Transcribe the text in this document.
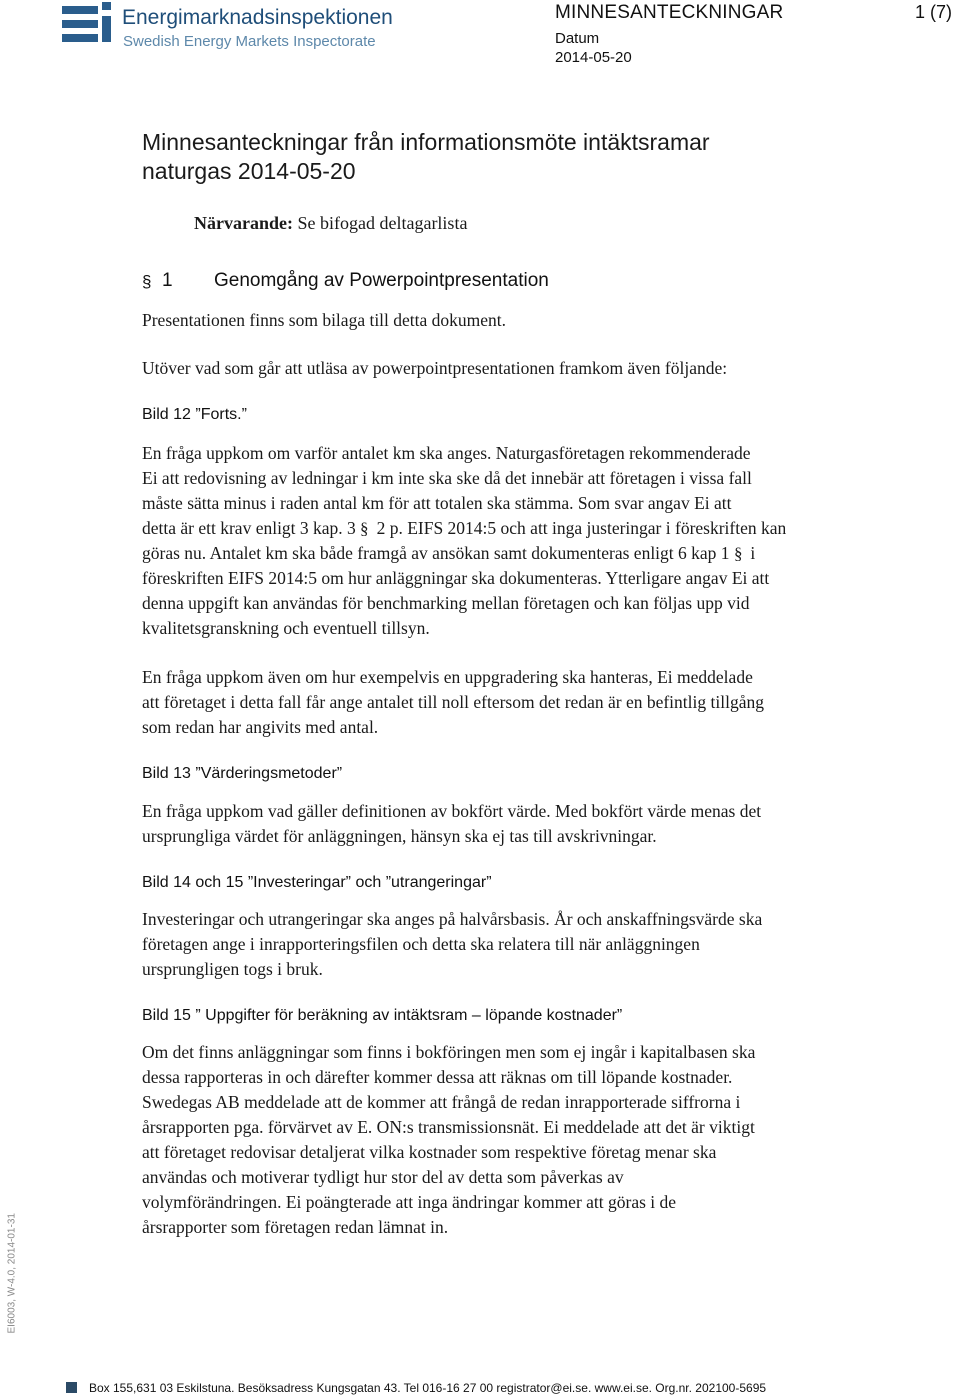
Energimarknadsinspektionen
Swedish Energy Markets Inspectorate
MINNESANTECKNINGAR	1 (7)
Datum
2014-05-20
Minnesanteckningar från informationsmöte intäktsramar
naturgas 2014-05-20
Närvarande: Se bifogad deltagarlista
§ 1 Genomgång av Powerpointpresentation

Presentationen finns som bilaga till detta dokument.

Utöver vad som går att utläsa av powerpointpresentationen framkom även följande:

Bild 12 ”Forts.”

En fråga uppkom om varför antalet km ska anges. Naturgasföretagen rekommenderade

Ei att redovisning av ledningar i km inte ska ske då det innebär att företagen i vissa fall

måste sätta minus i raden antal km för att totalen ska stämma. Som svar angav Ei att

detta är ett krav enligt 3 kap. 3 § 2 p. EIFS 2014:5 och att inga justeringar i föreskriften kan

göras nu. Antalet km ska både framgå av ansökan samt dokumenteras enligt 6 kap 1 § i

föreskriften EIFS 2014:5 om hur anläggningar ska dokumenteras. Ytterligare angav Ei att

denna uppgift kan användas för benchmarking mellan företagen och kan följas upp vid

kvalitetsgranskning och eventuell tillsyn.

En fråga uppkom även om hur exempelvis en uppgradering ska hanteras, Ei meddelade

att företaget i detta fall får ange antalet till noll eftersom det redan är en befintlig tillgång

som redan har angivits med antal.

Bild 13 ”Värderingsmetoder”

En fråga uppkom vad gäller definitionen av bokfört värde. Med bokfört värde menas det

ursprungliga värdet för anläggningen, hänsyn ska ej tas till avskrivningar.

Bild 14 och 15 ”Investeringar” och ”utrangeringar”

Investeringar och utrangeringar ska anges på halvårsbasis. År och anskaffningsvärde ska

företagen ange i inrapporteringsfilen och detta ska relatera till när anläggningen

ursprungligen togs i bruk.

Bild 15 ” Uppgifter för beräkning av intäktsram – löpande kostnader”

Om det finns anläggningar som finns i bokföringen men som ej ingår i kapitalbasen ska

dessa rapporteras in och därefter kommer dessa att räknas om till löpande kostnader.

Swedegas AB meddelade att de kommer att frångå de redan inrapporterade siffrorna i

årsrapporten pga. förvärvet av E. ON:s transmissionsnät. Ei meddelade att det är viktigt

att företaget redovisar detaljerat vilka kostnader som respektive företag menar ska

användas och motiverar tydligt hur stor del av detta som påverkas av

volymförändringen. Ei poängterade att inga ändringar kommer att göras i de

årsrapporter som företagen redan lämnat in.

EI6003, W-4.0, 2014-01-31
Box 155,631 03 Eskilstuna. Besöksadress Kungsgatan 43. Tel 016-16 27 00 registrator@ei.se. www.ei.se. Org.nr. 202100-5695
